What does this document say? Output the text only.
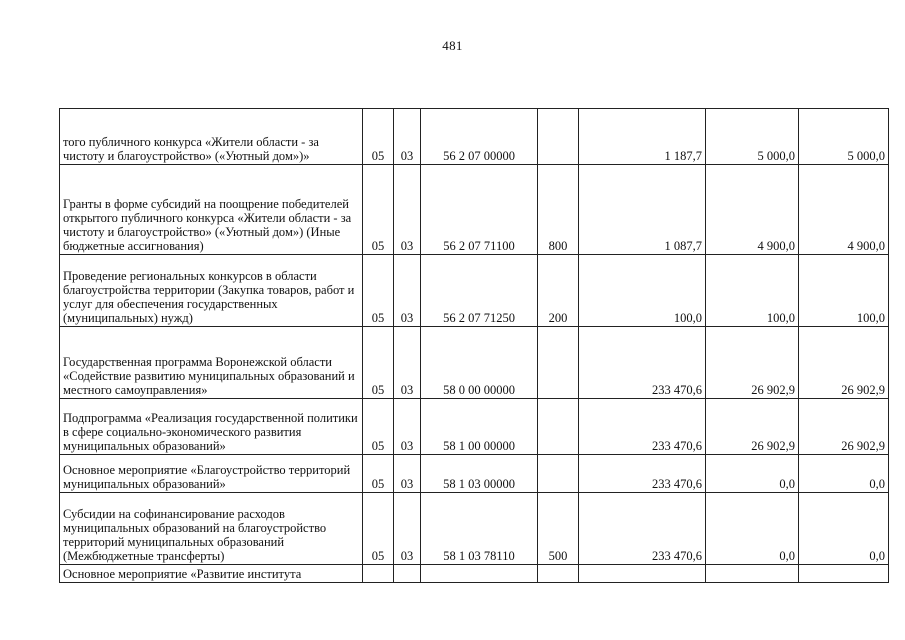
481
того публичного конкурса «Жители области - за чистоту и благоустройство» («Уютный дом»)»	05	03	56 2 07 00000		1 187,7	5 000,0	5 000,0
Гранты в форме субсидий на поощрение победителей открытого публичного конкурса «Жители области - за чистоту и благоустройство» («Уютный дом») (Иные бюджетные ассигнования)	05	03	56 2 07 71100	800	1 087,7	4 900,0	4 900,0
Проведение региональных конкурсов в области благоустройства территории (Закупка товаров, работ и услуг для обеспечения государственных (муниципальных) нужд)	05	03	56 2 07 71250	200	100,0	100,0	100,0
Государственная программа Воронежской области «Содействие развитию муниципальных образований и местного самоуправления»	05	03	58 0 00 00000		233 470,6	26 902,9	26 902,9
Подпрограмма «Реализация государственной политики в сфере социально-экономического развития муниципальных образований»	05	03	58 1 00 00000		233 470,6	26 902,9	26 902,9
Основное мероприятие «Благоустройство территорий муниципальных образований»	05	03	58 1 03 00000		233 470,6	0,0	0,0
Субсидии на софинансирование расходов муниципальных образований на благоустройство территорий муниципальных образований (Межбюджетные трансферты)	05	03	58 1 03 78110	500	233 470,6	0,0	0,0
Основное мероприятие «Развитие института							
